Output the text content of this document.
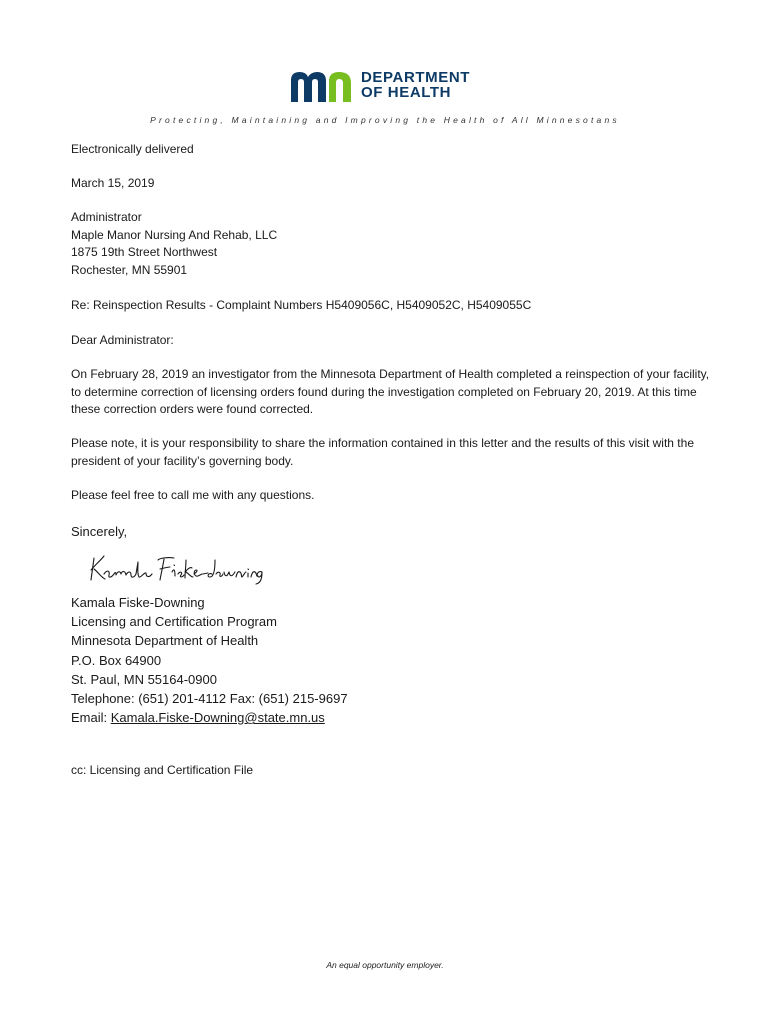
DEPARTMENT
OF HEALTH
Protecting, Maintaining and Improving the Health of All Minnesotans
Electronically delivered
March 15, 2019
Administrator
Maple Manor Nursing And Rehab, LLC
1875 19th Street Northwest
Rochester, MN 55901
Re: Reinspection Results - Complaint Numbers H5409056C, H5409052C, H5409055C
Dear Administrator:
On February 28, 2019 an investigator from the Minnesota Department of Health completed a reinspection of your facility, to determine correction of licensing orders found during the investigation completed on February 20, 2019. At this time these correction orders were found corrected.
Please note, it is your responsibility to share the information contained in this letter and the results of this visit with the president of your facility’s governing body.
Please feel free to call me with any questions.
Sincerely,
Kamala Fiske-Downing
Licensing and Certification Program
Minnesota Department of Health
P.O. Box 64900
St. Paul, MN 55164-0900
Telephone: (651) 201-4112 Fax: (651) 215-9697
Email: Kamala.Fiske-Downing@state.mn.us
cc: Licensing and Certification File
An equal opportunity employer.
